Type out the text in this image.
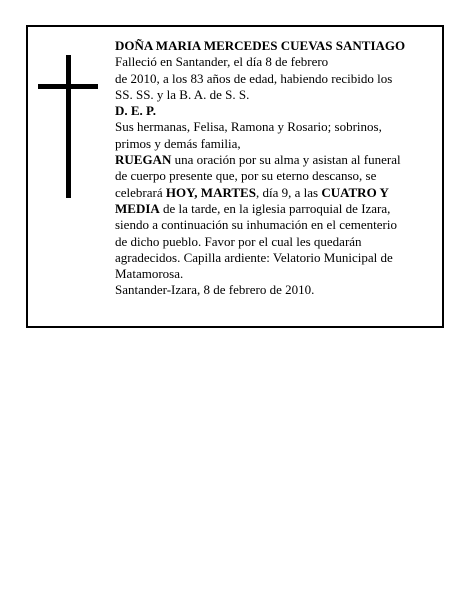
DOÑA MARIA MERCEDES CUEVAS SANTIAGO
Falleció en Santander, el día 8 de febrero
de 2010, a los 83 años de edad, habiendo recibido los
SS. SS. y la B. A. de S. S.
D. E. P.
Sus hermanas, Felisa, Ramona y Rosario; sobrinos,
primos y demás familia,
RUEGAN una oración por su alma y asistan al funeral
de cuerpo presente que, por su eterno descanso, se
celebrará HOY, MARTES, día 9, a las CUATRO Y
MEDIA de la tarde, en la iglesia parroquial de Izara,
siendo a continuación su inhumación en el cementerio
de dicho pueblo. Favor por el cual les quedarán
agradecidos. Capilla ardiente: Velatorio Municipal de
Matamorosa.
Santander-Izara, 8 de febrero de 2010.
